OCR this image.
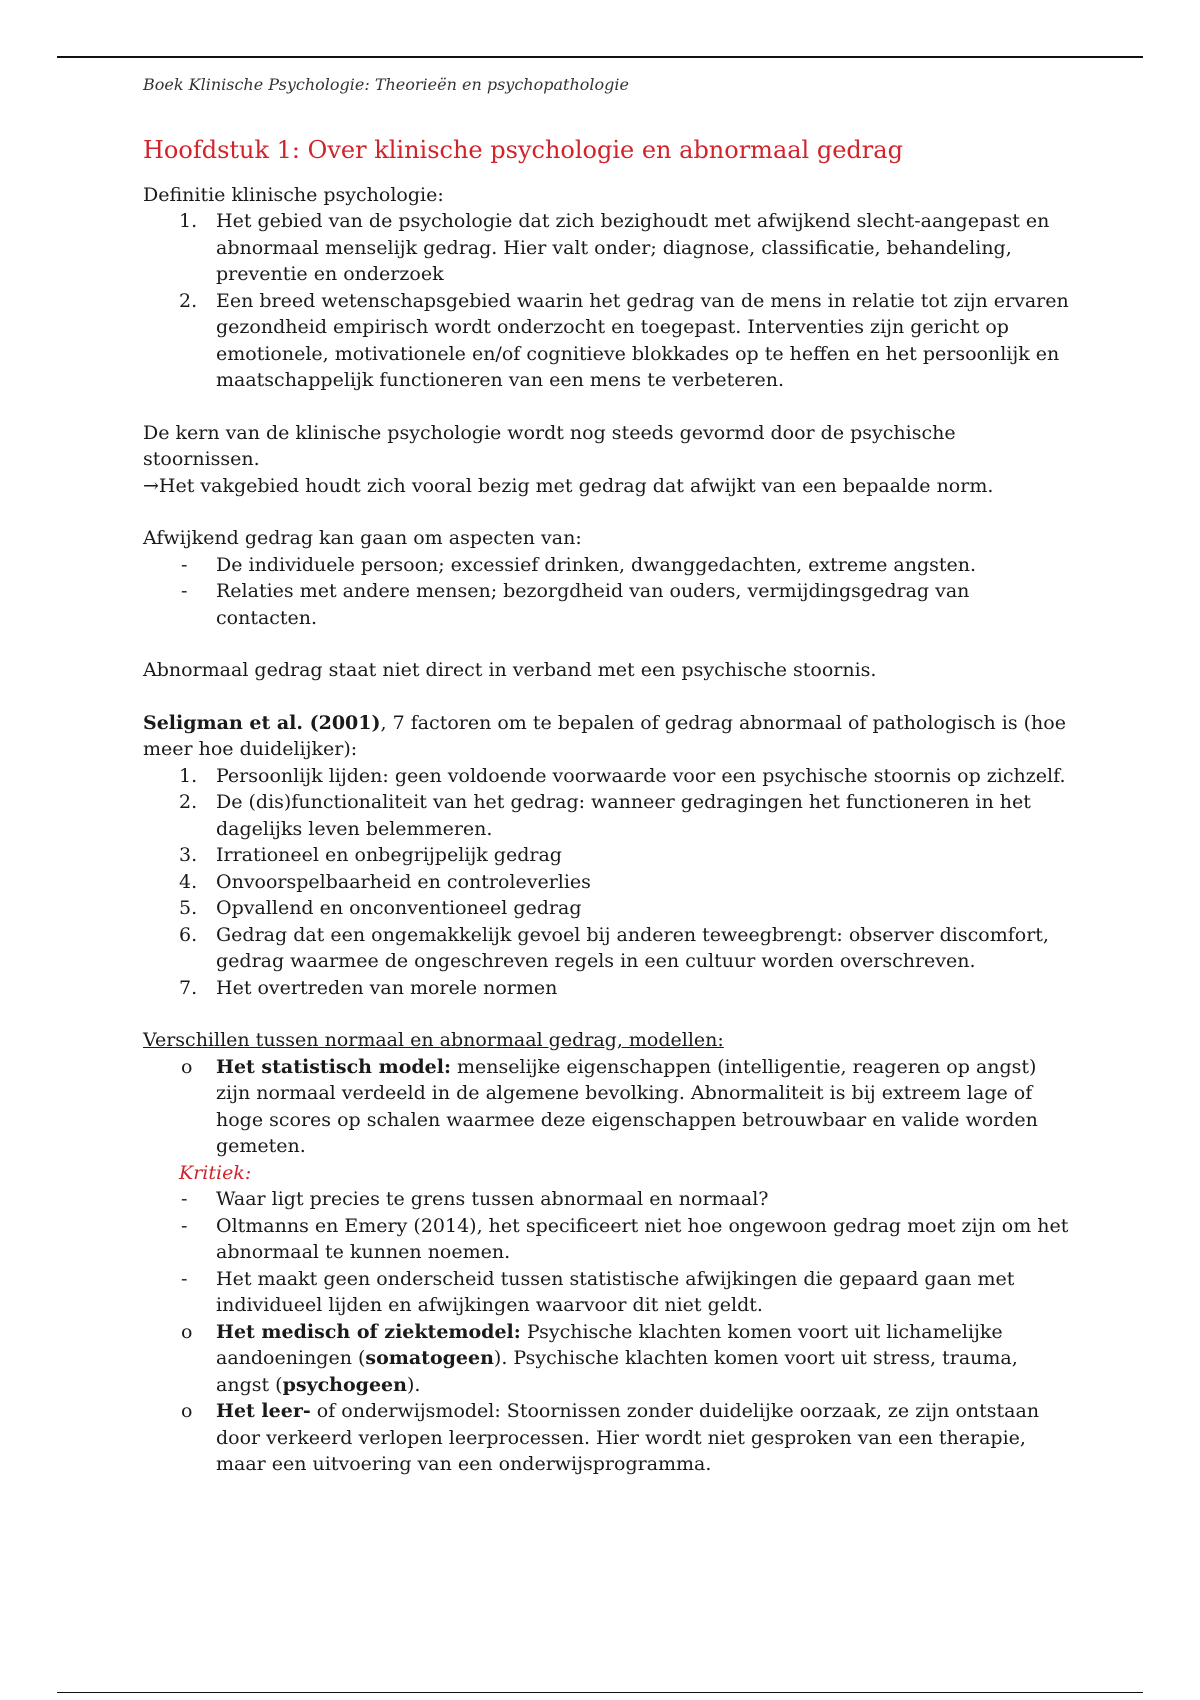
Boek Klinische Psychologie: Theorieën en psychopathologie
Hoofdstuk 1: Over klinische psychologie en abnormaal gedrag

Definitie klinische psychologie:

1. Het gebied van de psychologie dat zich bezighoudt met afwijkend slecht-aangepast en abnormaal menselijk gedrag. Hier valt onder; diagnose, classificatie, behandeling, preventie en onderzoek
2. Een breed wetenschapsgebied waarin het gedrag van de mens in relatie tot zijn ervaren gezondheid empirisch wordt onderzocht en toegepast. Interventies zijn gericht op emotionele, motivationele en/of cognitieve blokkades op te heffen en het persoonlijk en maatschappelijk functioneren van een mens te verbeteren.

De kern van de klinische psychologie wordt nog steeds gevormd door de psychische stoornissen.

→Het vakgebied houdt zich vooral bezig met gedrag dat afwijkt van een bepaalde norm.

Afwijkend gedrag kan gaan om aspecten van:

- De individuele persoon; excessief drinken, dwanggedachten, extreme angsten.
- Relaties met andere mensen; bezorgdheid van ouders, vermijdingsgedrag van contacten.

Abnormaal gedrag staat niet direct in verband met een psychische stoornis.

Seligman et al. (2001), 7 factoren om te bepalen of gedrag abnormaal of pathologisch is (hoe meer hoe duidelijker):

1. Persoonlijk lijden: geen voldoende voorwaarde voor een psychische stoornis op zichzelf.
2. De (dis)functionaliteit van het gedrag: wanneer gedragingen het functioneren in het dagelijks leven belemmeren.
3. Irrationeel en onbegrijpelijk gedrag
4. Onvoorspelbaarheid en controleverlies
5. Opvallend en onconventioneel gedrag
6. Gedrag dat een ongemakkelijk gevoel bij anderen teweegbrengt: observer discomfort, gedrag waarmee de ongeschreven regels in een cultuur worden overschreven.
7. Het overtreden van morele normen

Verschillen tussen normaal en abnormaal gedrag, modellen:

o Het statistisch model: menselijke eigenschappen (intelligentie, reageren op angst) zijn normaal verdeeld in de algemene bevolking. Abnormaliteit is bij extreem lage of hoge scores op schalen waarmee deze eigenschappen betrouwbaar en valide worden gemeten.

Kritiek:

- Waar ligt precies te grens tussen abnormaal en normaal?
- Oltmanns en Emery (2014), het specificeert niet hoe ongewoon gedrag moet zijn om het abnormaal te kunnen noemen.
- Het maakt geen onderscheid tussen statistische afwijkingen die gepaard gaan met individueel lijden en afwijkingen waarvoor dit niet geldt.
o Het medisch of ziektemodel: Psychische klachten komen voort uit lichamelijke aandoeningen (somatogeen). Psychische klachten komen voort uit stress, trauma, angst (psychogeen).
o Het leer- of onderwijsmodel: Stoornissen zonder duidelijke oorzaak, ze zijn ontstaan door verkeerd verlopen leerprocessen. Hier wordt niet gesproken van een therapie, maar een uitvoering van een onderwijsprogramma.
